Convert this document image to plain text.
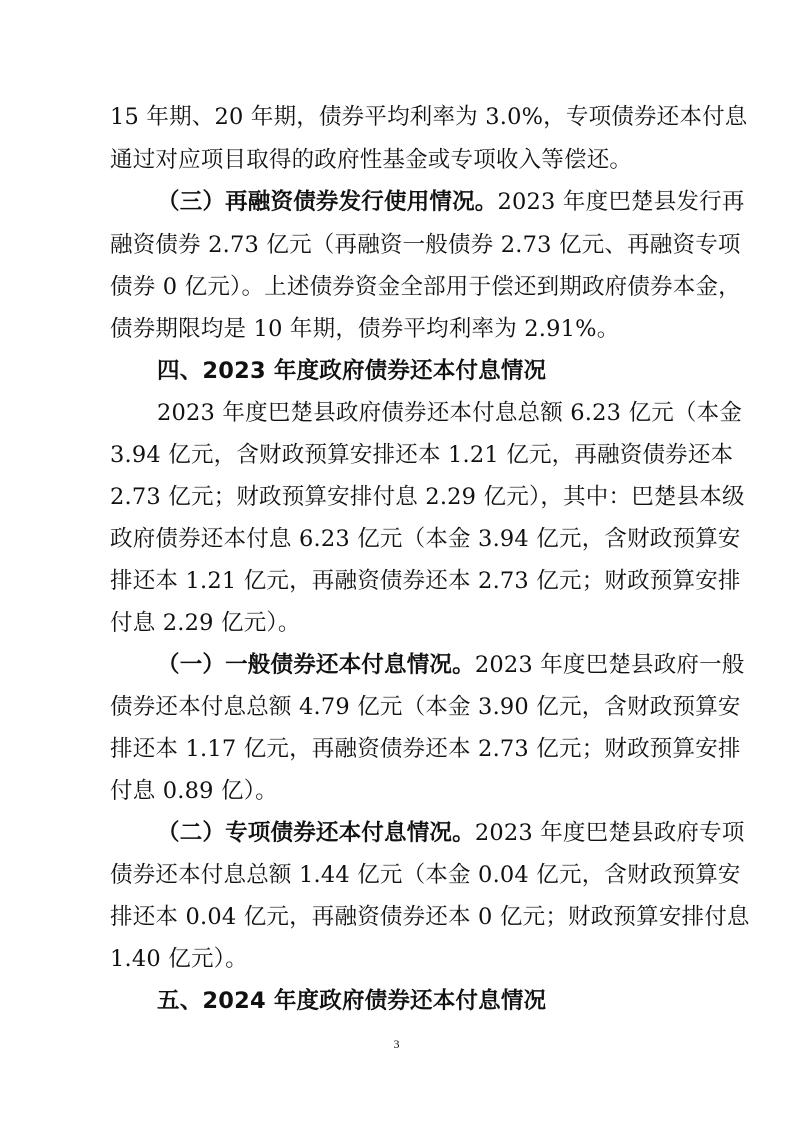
15 年期、20 年期，债券平均利率为 3.0%，专项债券还本付息
通过对应项目取得的政府性基金或专项收入等偿还。
（三）再融资债券发行使用情况。2023 年度巴楚县发行再
融资债券 2.73 亿元（再融资一般债券 2.73 亿元、再融资专项
债券 0 亿元）。上述债券资金全部用于偿还到期政府债券本金，
债券期限均是 10 年期，债券平均利率为 2.91%。
四、2023 年度政府债券还本付息情况
2023 年度巴楚县政府债券还本付息总额 6.23 亿元（本金
3.94 亿元，含财政预算安排还本 1.21 亿元，再融资债券还本
2.73 亿元；财政预算安排付息 2.29 亿元），其中：巴楚县本级
政府债券还本付息 6.23 亿元（本金 3.94 亿元，含财政预算安
排还本 1.21 亿元，再融资债券还本 2.73 亿元；财政预算安排
付息 2.29 亿元）。
（一）一般债券还本付息情况。2023 年度巴楚县政府一般
债券还本付息总额 4.79 亿元（本金 3.90 亿元，含财政预算安
排还本 1.17 亿元，再融资债券还本 2.73 亿元；财政预算安排
付息 0.89 亿）。
（二）专项债券还本付息情况。2023 年度巴楚县政府专项
债券还本付息总额 1.44 亿元（本金 0.04 亿元，含财政预算安
排还本 0.04 亿元，再融资债券还本 0 亿元；财政预算安排付息
1.40 亿元）。
五、2024 年度政府债券还本付息情况
3
